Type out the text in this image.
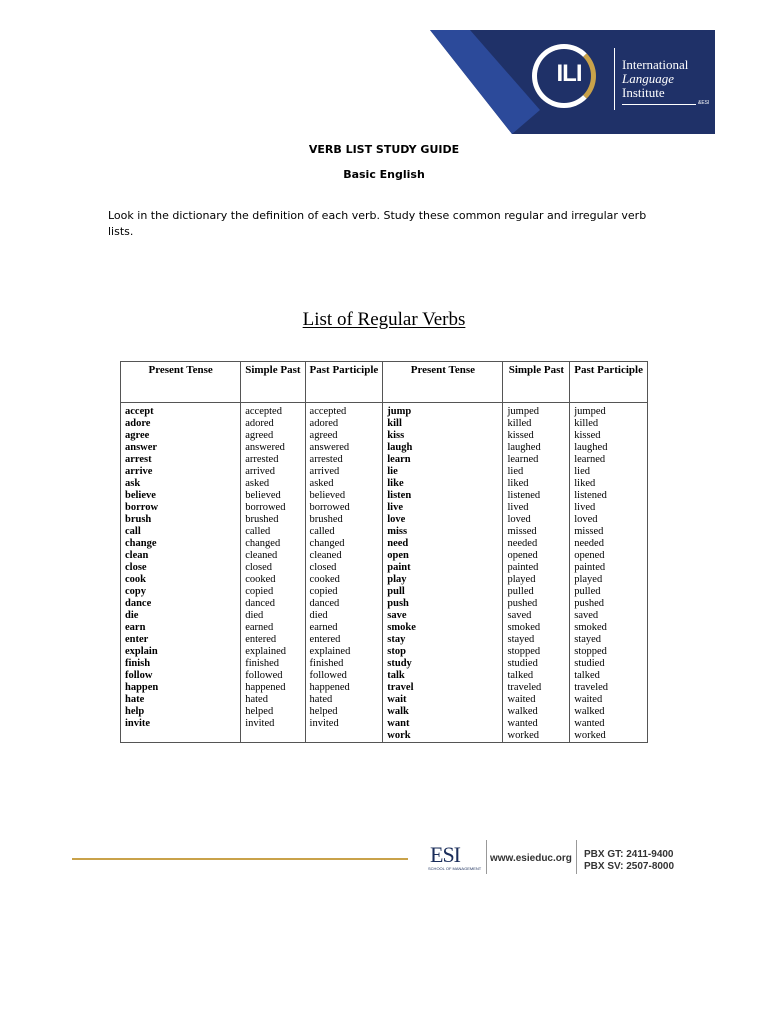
ILI	International
Language
Institute
&ESI
VERB LIST STUDY GUIDE
Basic English
Look in the dictionary the definition of each verb. Study these common regular and irregular verb lists.
List of Regular Verbs
Present Tense	Simple Past	Past Participle	Present Tense	Simple Past	Past Participle
accept	accepted	accepted	jump	jumped	jumped
adore	adored	adored	kill	killed	killed
agree	agreed	agreed	kiss	kissed	kissed
answer	answered	answered	laugh	laughed	laughed
arrest	arrested	arrested	learn	learned	learned
arrive	arrived	arrived	lie	lied	lied
ask	asked	asked	like	liked	liked
believe	believed	believed	listen	listened	listened
borrow	borrowed	borrowed	live	lived	lived
brush	brushed	brushed	love	loved	loved
call	called	called	miss	missed	missed
change	changed	changed	need	needed	needed
clean	cleaned	cleaned	open	opened	opened
close	closed	closed	paint	painted	painted
cook	cooked	cooked	play	played	played
copy	copied	copied	pull	pulled	pulled
dance	danced	danced	push	pushed	pushed
die	died	died	save	saved	saved
earn	earned	earned	smoke	smoked	smoked
enter	entered	entered	stay	stayed	stayed
explain	explained	explained	stop	stopped	stopped
finish	finished	finished	study	studied	studied
follow	followed	followed	talk	talked	talked
happen	happened	happened	travel	traveled	traveled
hate	hated	hated	wait	waited	waited
help	helped	helped	walk	walked	walked
invite	invited	invited	want	wanted	wanted
			work	worked	worked
ESI
SCHOOL OF MANAGEMENT
www.esieduc.org PBX GT: 2411-9400
PBX SV: 2507-8000
